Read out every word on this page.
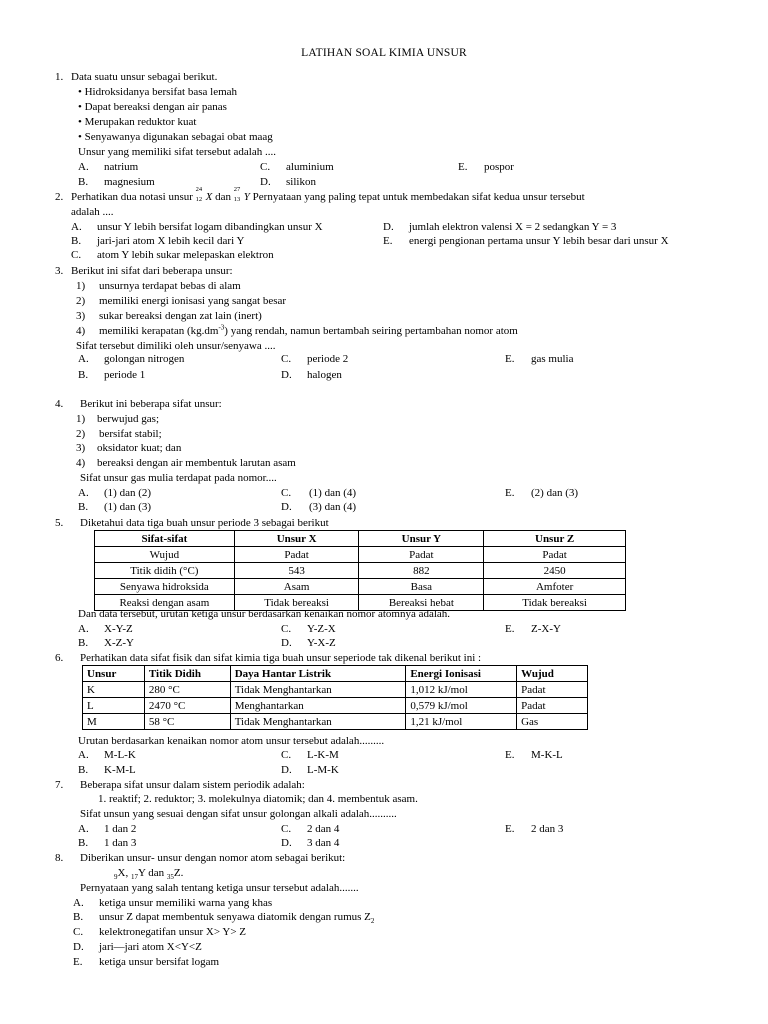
LATIHAN SOAL KIMIA UNSUR
1. Data suatu unsur sebagai berikut.
• Hidroksidanya bersifat basa lemah
• Dapat bereaksi dengan air panas
• Merupakan reduktor kuat
• Senyawanya digunakan sebagai obat maag
Unsur yang memiliki sifat tersebut adalah ....
A. natrium
B. magnesium
C. aluminium
D. silikon
E. pospor
2. Perhatikan dua notasi unsur
24
12 X dan
27
13 Y Pernyataan yang paling tepat untuk membedakan sifat kedua unsur tersebut
adalah ....
A. unsur Y lebih bersifat logam dibandingkan unsur X
B. jari-jari atom X lebih kecil dari Y
C. atom Y lebih sukar melepaskan elektron
D. jumlah elektron valensi X = 2 sedangkan Y = 3
E. energi pengionan pertama unsur Y lebih besar dari unsur X
3. Berikut ini sifat dari beberapa unsur:
1) unsurnya terdapat bebas di alam
2) memiliki energi ionisasi yang sangat besar
3) sukar bereaksi dengan zat lain (inert)
4) memiliki kerapatan $(kg.dm^{-3})$ yang rendah, namun bertambah seiring pertambahan nomor atom
Sifat tersebut dimiliki oleh unsur/senyawa ....
A. golongan nitrogen
B. periode 1
C. periode 2
D. halogen
E. gas mulia
4. Berikut ini beberapa sifat unsur:
1) berwujud gas;
2) bersifat stabil;
3) oksidator kuat; dan
4) bereaksi dengan air membentuk larutan asam
Sifat unsur gas mulia terdapat pada nomor....
A. (1) dan (2)
B. (1) dan (3)
C. (1) dan (4)
D. (3) dan (4)
E. (2) dan (3)
5. Diketahui data tiga buah unsur periode 3 sebagai berikut
Sifat-sifat	Unsur X	Unsur Y	Unsur Z
Wujud	Padat	Padat	Padat
Titik didih (°C)	543	882	2450
Senyawa hidroksida	Asam	Basa	Amfoter
Reaksi dengan asam	Tidak bereaksi	Bereaksi hebat	Tidak bereaksi
Dan data tersebut, urutan ketiga unsur berdasarkan kenaikan nomor atomnya adalah.
A. X-Y-Z
B. X-Z-Y
C. Y-Z-X
D. Y-X-Z
E. Z-X-Y
6. Perhatikan data sifat fisik dan sifat kimia tiga buah unsur seperiode tak dikenal berikut ini :
Unsur	Titik Didih	Daya Hantar Listrik	Energi Ionisasi	Wujud
K	280 °C	Tidak Menghantarkan	1,012 kJ/mol	Padat
L	2470 °C	Menghantarkan	0,579 kJ/mol	Padat
M	58 °C	Tidak Menghantarkan	1,21 kJ/mol	Gas
Urutan berdasarkan kenaikan nomor atom unsur tersebut adalah.........
A. M-L-K
B. K-M-L
C. L-K-M
D. L-M-K
E. M-K-L
7. Beberapa sifat unsur dalam sistem periodik adalah:
1. reaktif; 2. reduktor; 3. molekulnya diatomik; dan 4. membentuk asam.
Sifat unsun yang sesuai dengan sifat unsur golongan alkali adalah..........
A. 1 dan 2
B. 1 dan 3
C. 2 dan 4
D. 3 dan 4
E. 2 dan 3
8. Diberikan unsur- unsur dengan nomor atom sebagai berikut:
$_9$X, $_{17}$Y dan $_{35}$Z.
Pernyataan yang salah tentang ketiga unsur tersebut adalah.......
A. ketiga unsur memiliki warna yang khas
B. unsur Z dapat membentuk senyawa diatomik dengan rumus $Z_2$
C. kelektronegatifan unsur X> Y> Z
D. jari—jari atom X<Y<Z
E. ketiga unsur bersifat logam
